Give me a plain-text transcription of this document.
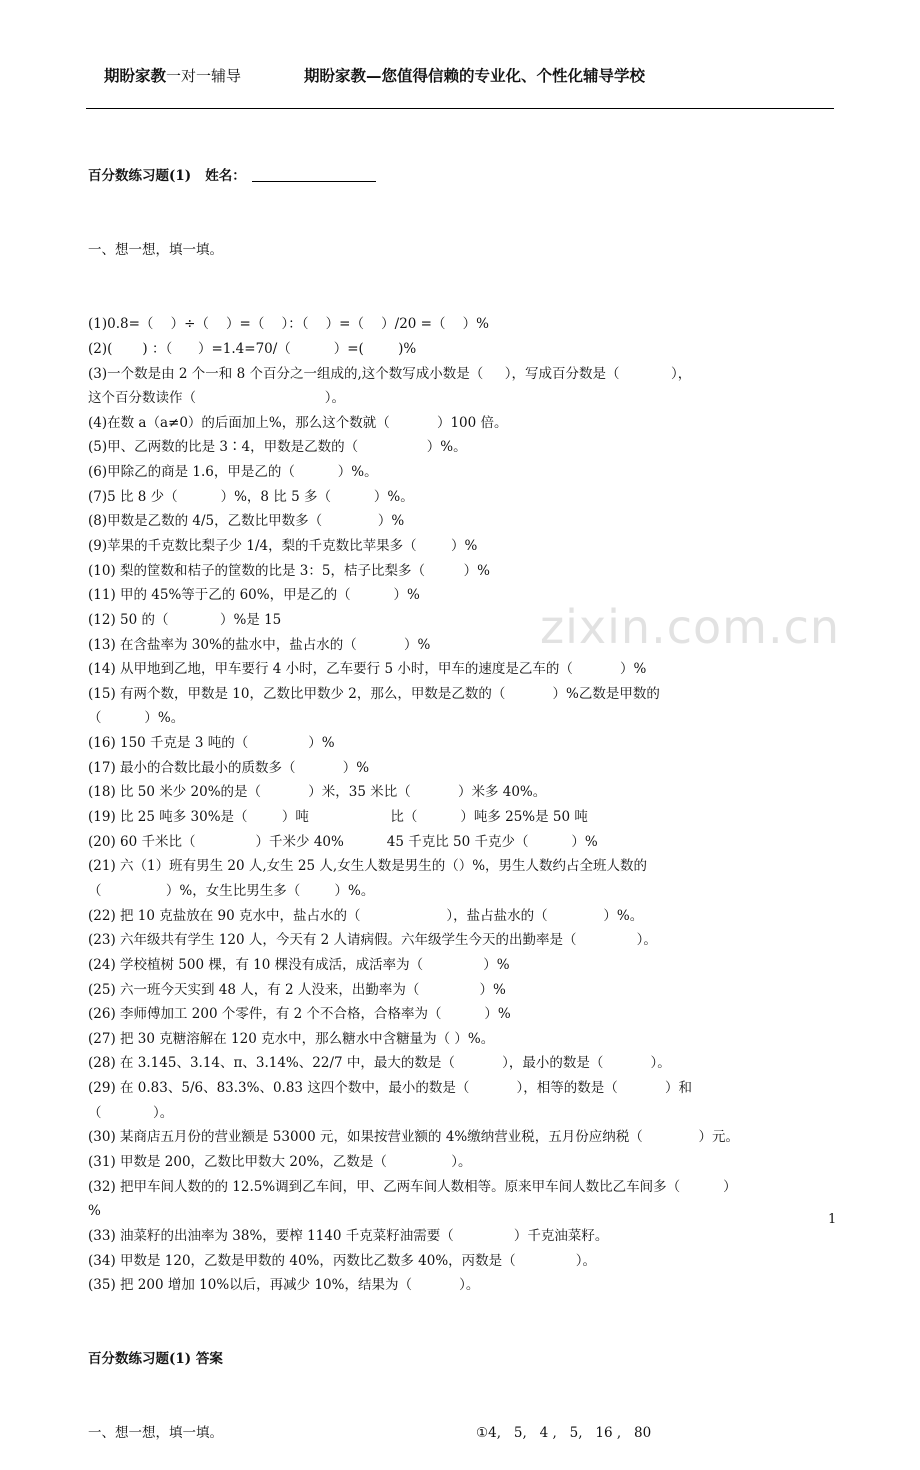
期盼家教一对一辅导	期盼家教—您值得信赖的专业化、个性化辅导学校
zixin.com.cn

百分数练习题(1) 姓名：

一、想一想，填一填。

(1)0.8=（    ）÷（    ）=（    ）：（    ）=（    ）/20 =（    ）%
(2)(       ) ：（      ）=1.4=70/（          ）=(        )%
(3)一个数是由 2 个一和 8 个百分之一组成的,这个数写成小数是（     ），写成百分数是（            ），
这个百分数读作（                              ）。
(4)在数 a（a≠0）的后面加上%，那么这个数就（           ）100 倍。
(5)甲、乙两数的比是 3∶4，甲数是乙数的（                ）%。
(6)甲除乙的商是 1.6，甲是乙的（          ）%。
(7)5 比 8 少（          ）%，8 比 5 多（          ）%。
(8)甲数是乙数的 4/5，乙数比甲数多（             ）%
(9)苹果的千克数比梨子少 1/4，梨的千克数比苹果多（        ）%
(10) 梨的筐数和桔子的筐数的比是 3：5，桔子比梨多（         ）%
(11) 甲的 45%等于乙的 60%，甲是乙的（          ）%
(12) 50 的（            ）%是 15
(13) 在含盐率为 30%的盐水中，盐占水的（           ）%
(14) 从甲地到乙地，甲车要行 4 小时，乙车要行 5 小时，甲车的速度是乙车的（           ）%
(15) 有两个数，甲数是 10，乙数比甲数少 2，那么，甲数是乙数的（           ）%乙数是甲数的
（          ）%。
(16) 150 千克是 3 吨的（              ）%
(17) 最小的合数比最小的质数多（           ）%
(18) 比 50 米少 20%的是（           ）米，35 米比（           ）米多 40%。
(19) 比 25 吨多 30%是（        ）吨                   比（          ）吨多 25%是 50 吨
(20) 60 千米比（              ）千米少 40%          45 千克比 50 千克少（          ）%
(21) 六（1）班有男生 20 人,女生 25 人,女生人数是男生的（）%，男生人数约占全班人数的
（               ）%，女生比男生多（        ）%。
(22) 把 10 克盐放在 90 克水中，盐占水的（                    ），盐占盐水的（             ）%。
(23) 六年级共有学生 120 人，今天有 2 人请病假。六年级学生今天的出勤率是（              ）。
(24) 学校植树 500 棵，有 10 棵没有成活，成活率为（              ）%
(25) 六一班今天实到 48 人，有 2 人没来，出勤率为（              ）%
(26) 李师傅加工 200 个零件，有 2 个不合格，合格率为（          ）%
(27) 把 30 克糖溶解在 120 克水中，那么糖水中含糖量为（ ）%。
(28) 在 3.145、3.14、π、3.14%、22/7 中，最大的数是（           ），最小的数是（           ）。
(29) 在 0.83、5/6、83.3%、0.83 这四个数中，最小的数是（           ），相等的数是（           ）和
（            ）。
(30) 某商店五月份的营业额是 53000 元，如果按营业额的 4%缴纳营业税，五月份应纳税（             ）元。
(31) 甲数是 200，乙数比甲数大 20%，乙数是（               ）。
(32) 把甲车间人数的的 12.5%调到乙车间，甲、乙两车间人数相等。原来甲车间人数比乙车间多（          ）
%
(33) 油菜籽的出油率为 38%，要榨 1140 千克菜籽油需要（              ）千克油菜籽。
(34) 甲数是 120，乙数是甲数的 40%，丙数比乙数多 40%，丙数是（              ）。
(35) 把 200 增加 10%以后，再减少 10%，结果为（           ）。

百分数练习题(1) 答案

一、想一想，填一填。	①4,   5,   4 ,   5,   16 ,   80

1
